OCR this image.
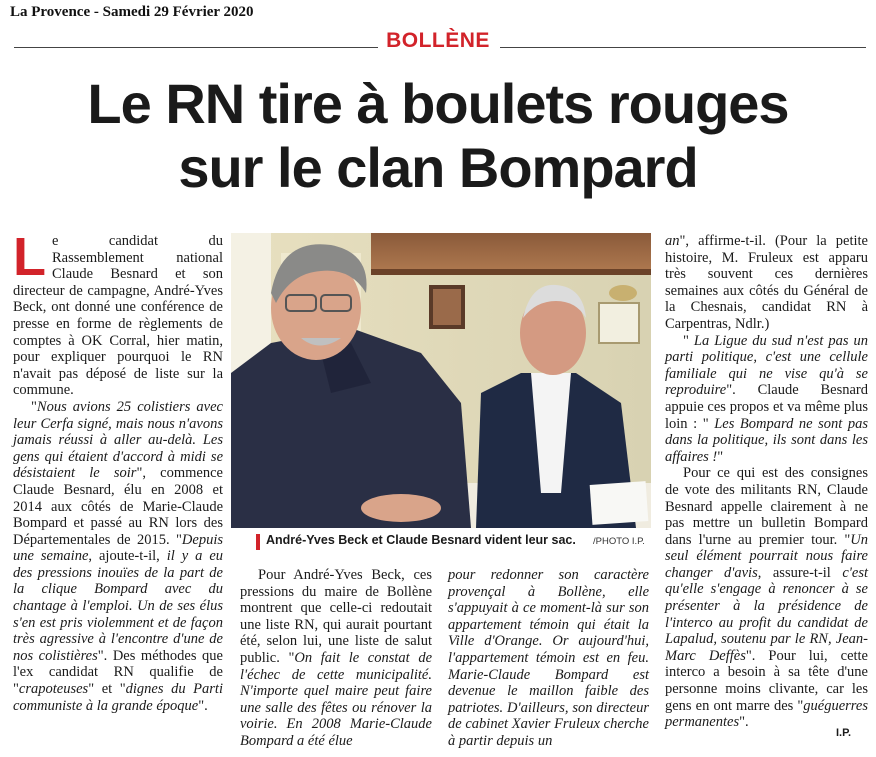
La Provence - Samedi 29 Février 2020
BOLLÈNE
Le RN tire à boulets rouges
sur le clan Bompard

Le candidat du Rassemblement national Claude Besnard et son directeur de campagne, André-Yves Beck, ont donné une conférence de presse en forme de règlements de comptes à OK Corral, hier matin, pour expliquer pourquoi le RN n'avait pas déposé de liste sur la commune.

"Nous avions 25 colistiers avec leur Cerfa signé, mais nous n'avons jamais réussi à aller au-delà. Les gens qui étaient d'accord à midi se désistaient le soir", commence Claude Besnard, élu en 2008 et 2014 aux côtés de Marie-Claude Bompard et passé au RN lors des Départementales de 2015. "Depuis une semaine, ajoute-t-il, il y a eu des pressions inouïes de la part de la clique Bompard avec du chantage à l'emploi. Un de ses élus s'en est pris violemment et de façon très agressive à l'encontre d'une de nos colistières". Des méthodes que l'ex candidat RN qualifie de "crapoteuses" et "dignes du Parti communiste à la grande époque".

André-Yves Beck et Claude Besnard vident leur sac. /PHOTO I.P.

Pour André-Yves Beck, ces pressions du maire de Bollène montrent que celle-ci redoutait une liste RN, qui aurait pourtant été, selon lui, une liste de salut public. "On fait le constat de l'échec de cette municipalité. N'importe quel maire peut faire une salle des fêtes ou rénover la voirie. En 2008 Marie-Claude Bompard a été élue

pour redonner son caractère provençal à Bollène, elle s'appuyait à ce moment-là sur son appartement témoin qui était la Ville d'Orange. Or aujourd'hui, l'appartement témoin est en feu. Marie-Claude Bompard est devenue le maillon faible des patriotes. D'ailleurs, son directeur de cabinet Xavier Fruleux cherche à partir depuis un

an", affirme-t-il. (Pour la petite histoire, M. Fruleux est apparu très souvent ces dernières semaines aux côtés du Général de la Chesnais, candidat RN à Carpentras, Ndlr.)

" La Ligue du sud n'est pas un parti politique, c'est une cellule familiale qui ne vise qu'à se reproduire". Claude Besnard appuie ces propos et va même plus loin : " Les Bompard ne sont pas dans la politique, ils sont dans les affaires !"

Pour ce qui est des consignes de vote des militants RN, Claude Besnard appelle clairement à ne pas mettre un bulletin Bompard dans l'urne au premier tour. "Un seul élément pourrait nous faire changer d'avis, assure-t-il c'est qu'elle s'engage à renoncer à se présenter à la présidence de l'interco au profit du candidat de Lapalud, soutenu par le RN, Jean-Marc Deffès". Pour lui, cette interco a besoin à sa tête d'une personne moins clivante, car les gens en ont marre des "guéguerres permanentes".

I.P.
